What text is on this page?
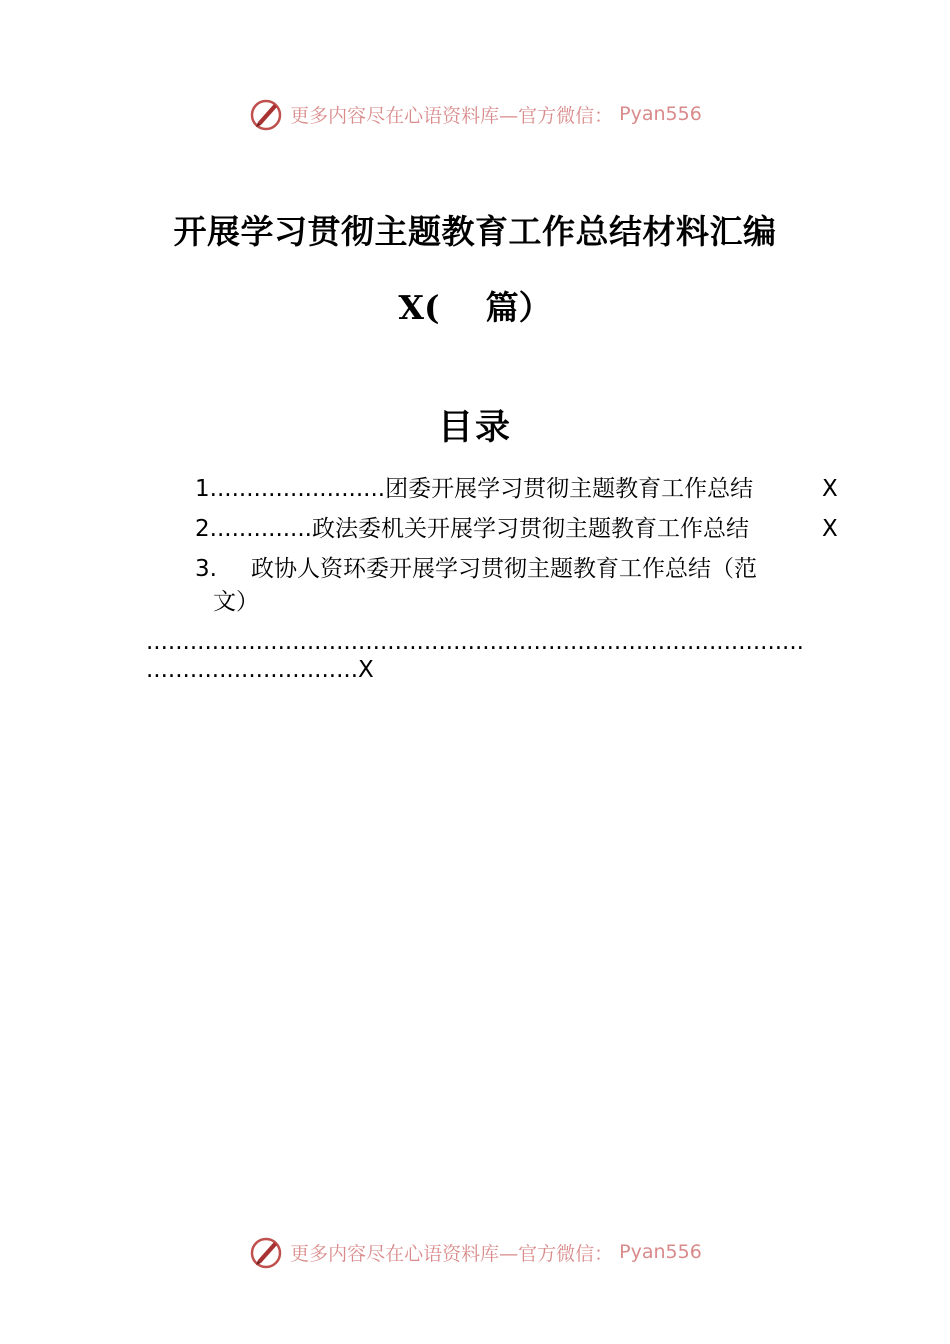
更多内容尽在心语资料库—官方微信： Pyan556
开展学习贯彻主题教育工作总结材料汇编
X(    篇）
目录
1........................团委开展学习贯彻主题教育工作总结	X
2..............政法委机关开展学习贯彻主题教育工作总结	X
3. 政协人资环委开展学习贯彻主题教育工作总结（范
文）
..........................................................................................
.............................X
更多内容尽在心语资料库—官方微信： Pyan556
